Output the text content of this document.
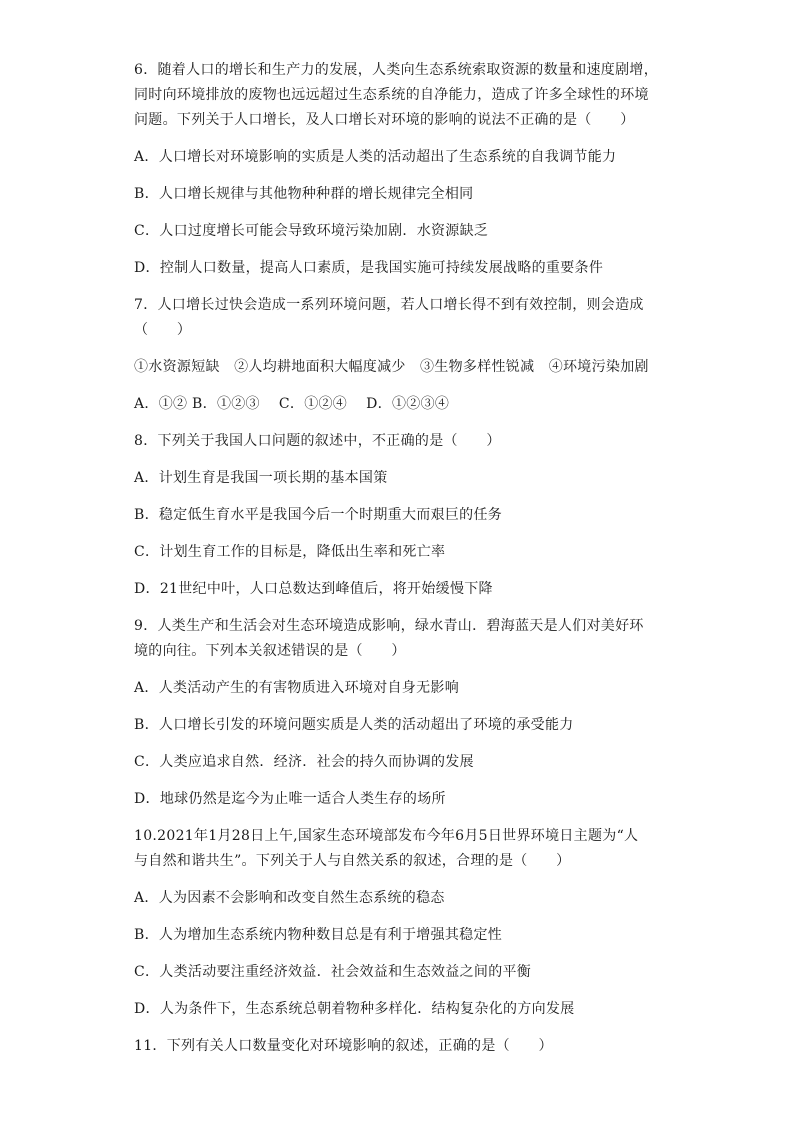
6．随着人口的增长和生产力的发展，人类向生态系统索取资源的数量和速度剧增，
同时向环境排放的废物也远远超过生态系统的自净能力，造成了许多全球性的环境
问题。下列关于人口增长，及人口增长对环境的影响的说法不正确的是（　　）

A．人口增长对环境影响的实质是人类的活动超出了生态系统的自我调节能力
B．人口增长规律与其他物种种群的增长规律完全相同
C．人口过度增长可能会导致环境污染加剧．水资源缺乏
D．控制人口数量，提高人口素质，是我国实施可持续发展战略的重要条件
7．人口增长过快会造成一系列环境问题，若人口增长得不到有效控制，则会造成
（　　）
①水资源短缺　②人均耕地面积大幅度减少　③生物多样性锐减　④环境污染加剧
A．①② B．①②③　 C．①②④　 D．①②③④
8．下列关于我国人口问题的叙述中，不正确的是（　　）
A．计划生育是我国一项长期的基本国策
B．稳定低生育水平是我国今后一个时期重大而艰巨的任务
C．计划生育工作的目标是，降低出生率和死亡率
D．21世纪中叶，人口总数达到峰值后，将开始缓慢下降
9．人类生产和生活会对生态环境造成影响，绿水青山．碧海蓝天是人们对美好环
境的向往。下列本关叙述错误的是（　　）
A．人类活动产生的有害物质进入环境对自身无影响
B．人口增长引发的环境问题实质是人类的活动超出了环境的承受能力
C．人类应追求自然．经济．社会的持久而协调的发展
D．地球仍然是迄今为止唯一适合人类生存的场所
10.2021年1月28日上午,国家生态环境部发布今年6月5日世界环境日主题为“人
与自然和谐共生”。下列关于人与自然关系的叙述，合理的是（　　）
A．人为因素不会影响和改变自然生态系统的稳态
B．人为增加生态系统内物种数目总是有利于增强其稳定性
C．人类活动要注重经济效益．社会效益和生态效益之间的平衡
D．人为条件下，生态系统总朝着物种多样化．结构复杂化的方向发展
11．下列有关人口数量变化对环境影响的叙述，正确的是（　　）
